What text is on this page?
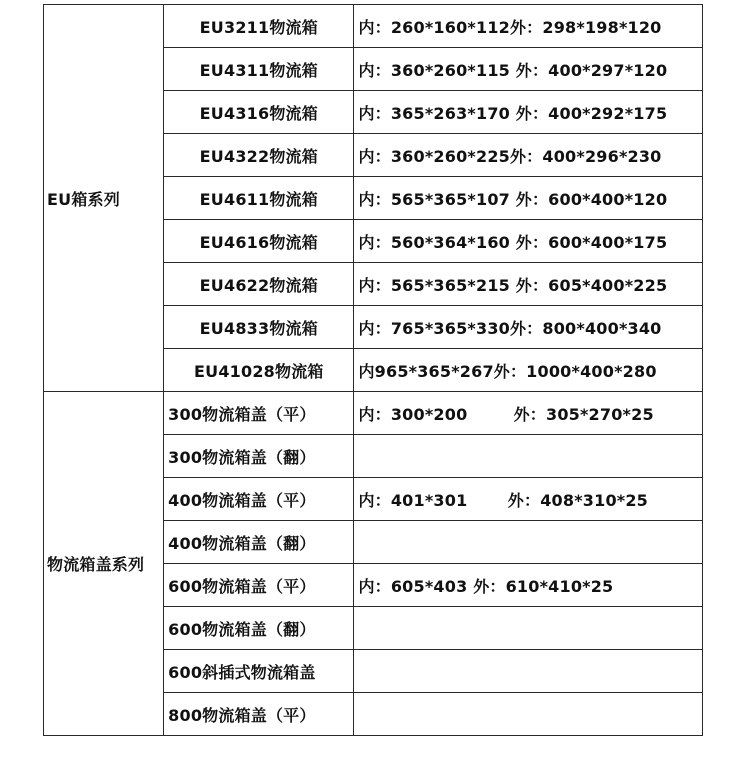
EU箱系列	EU3211物流箱	内：260*160*112外：298*198*120
	EU4311物流箱	内：360*260*115 外：400*297*120
	EU4316物流箱	内：365*263*170 外：400*292*175
	EU4322物流箱	内：360*260*225外：400*296*230
	EU4611物流箱	内：565*365*107 外：600*400*120
	EU4616物流箱	内：560*364*160 外：600*400*175
	EU4622物流箱	内：565*365*215 外：605*400*225
	EU4833物流箱	内：765*365*330外：800*400*340
	EU41028物流箱	内965*365*267外：1000*400*280

物流箱盖系列	300物流箱盖（平）	内：300*200        外：305*270*25
	300物流箱盖（翻）	
	400物流箱盖（平）	内：401*301       外：408*310*25
	400物流箱盖（翻）	
	600物流箱盖（平）	内：605*403 外：610*410*25
	600物流箱盖（翻）	
	600斜插式物流箱盖	
	800物流箱盖（平）	
